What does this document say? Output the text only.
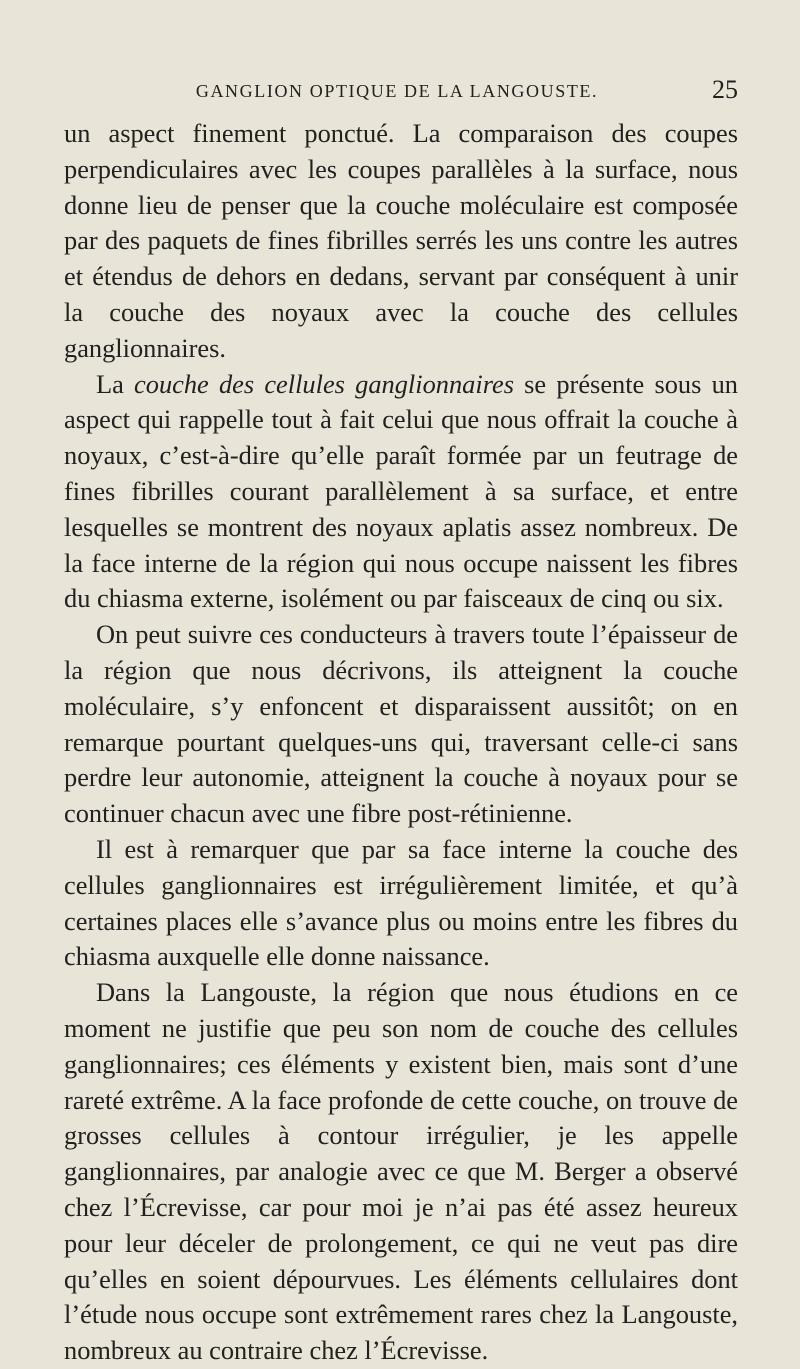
GANGLION OPTIQUE DE LA LANGOUSTE.	25

un aspect finement ponctué. La comparaison des coupes perpendiculaires avec les coupes parallèles à la surface, nous donne lieu de penser que la couche moléculaire est composée par des paquets de fines fibrilles serrés les uns contre les autres et étendus de dehors en dedans, servant par conséquent à unir la couche des noyaux avec la couche des cellules ganglionnaires.

La couche des cellules ganglionnaires se présente sous un aspect qui rappelle tout à fait celui que nous offrait la couche à noyaux, c’est-à-dire qu’elle paraît formée par un feutrage de fines fibrilles courant parallèlement à sa surface, et entre lesquelles se montrent des noyaux aplatis assez nombreux. De la face interne de la région qui nous occupe naissent les fibres du chiasma externe, isolément ou par faisceaux de cinq ou six.

On peut suivre ces conducteurs à travers toute l’épaisseur de la région que nous décrivons, ils atteignent la couche moléculaire, s’y enfoncent et disparaissent aussitôt; on en remarque pourtant quelques-uns qui, traversant celle-ci sans perdre leur autonomie, atteignent la couche à noyaux pour se continuer chacun avec une fibre post-rétinienne.

Il est à remarquer que par sa face interne la couche des cellules ganglionnaires est irrégulièrement limitée, et qu’à certaines places elle s’avance plus ou moins entre les fibres du chiasma auxquelle elle donne naissance.

Dans la Langouste, la région que nous étudions en ce moment ne justifie que peu son nom de couche des cellules ganglionnaires; ces éléments y existent bien, mais sont d’une rareté extrême. A la face profonde de cette couche, on trouve de grosses cellules à contour irrégulier, je les appelle ganglionnaires, par analogie avec ce que M. Berger a observé chez l’Écrevisse, car pour moi je n’ai pas été assez heureux pour leur déceler de prolongement, ce qui ne veut pas dire qu’elles en soient dépourvues. Les éléments cellulaires dont l’étude nous occupe sont extrêmement rares chez la Langouste, nombreux au contraire chez l’Écrevisse.
